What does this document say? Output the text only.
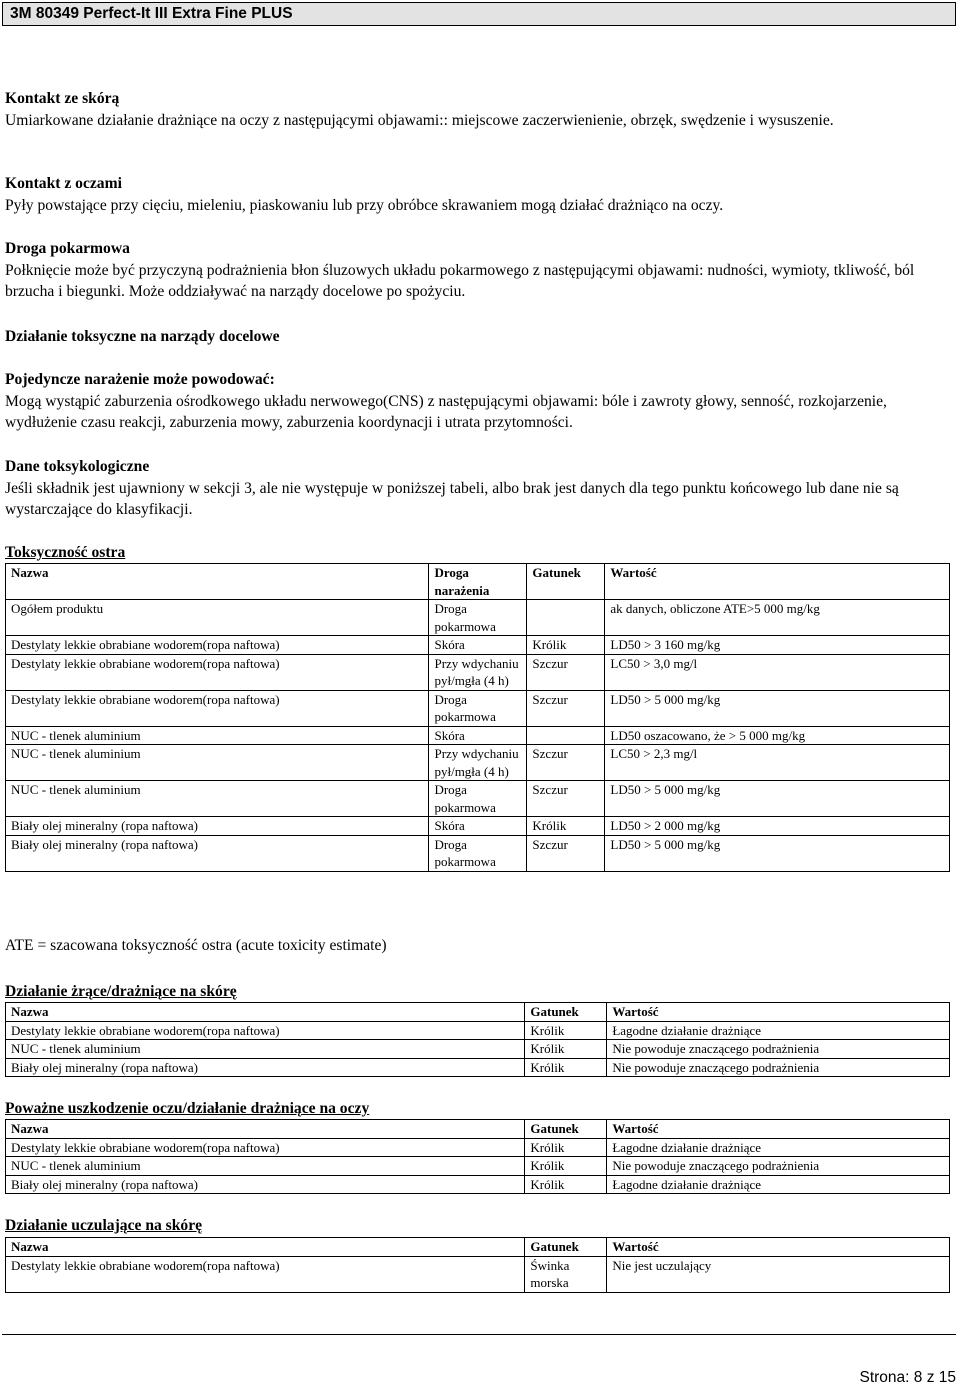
3M 80349 Perfect-It III Extra Fine PLUS

Kontakt ze skórą

Umiarkowane działanie drażniące na oczy z następującymi objawami:: miejscowe zaczerwienienie, obrzęk, swędzenie i wysuszenie.

Kontakt z oczami

Pyły powstające przy cięciu, mieleniu, piaskowaniu lub przy obróbce skrawaniem mogą działać drażniąco na oczy.

Droga pokarmowa

Połknięcie może być przyczyną podrażnienia błon śluzowych układu pokarmowego z następującymi objawami: nudności, wymioty, tkliwość, ból brzucha i biegunki. Może oddziaływać na narządy docelowe po spożyciu.

Działanie toksyczne na narządy docelowe

Pojedyncze narażenie może powodować:

Mogą wystąpić zaburzenia ośrodkowego układu nerwowego(CNS) z następującymi objawami: bóle i zawroty głowy, senność, rozkojarzenie, wydłużenie czasu reakcji, zaburzenia mowy, zaburzenia koordynacji i utrata przytomności.

Dane toksykologiczne

Jeśli składnik jest ujawniony w sekcji 3, ale nie występuje w poniższej tabeli, albo brak jest danych dla tego punktu końcowego lub dane nie są wystarczające do klasyfikacji.

Toksyczność ostra
Nazwa	Droga narażenia	Gatunek	Wartość
Ogółem produktu	Droga pokarmowa		ak danych, obliczone ATE>5 000 mg/kg
Destylaty lekkie obrabiane wodorem(ropa naftowa)	Skóra	Królik	LD50 > 3 160 mg/kg
Destylaty lekkie obrabiane wodorem(ropa naftowa)	Przy wdychaniu pył/mgła (4 h)	Szczur	LC50 > 3,0 mg/l
Destylaty lekkie obrabiane wodorem(ropa naftowa)	Droga pokarmowa	Szczur	LD50 > 5 000 mg/kg
NUC - tlenek aluminium	Skóra		LD50 oszacowano, że > 5 000 mg/kg
NUC - tlenek aluminium	Przy wdychaniu pył/mgła (4 h)	Szczur	LC50 > 2,3 mg/l
NUC - tlenek aluminium	Droga pokarmowa	Szczur	LD50 > 5 000 mg/kg
Biały olej mineralny (ropa naftowa)	Skóra	Królik	LD50 > 2 000 mg/kg
Biały olej mineralny (ropa naftowa)	Droga pokarmowa	Szczur	LD50 > 5 000 mg/kg
ATE = szacowana toksyczność ostra (acute toxicity estimate)
Działanie żrące/drażniące na skórę
Nazwa	Gatunek	Wartość
Destylaty lekkie obrabiane wodorem(ropa naftowa)	Królik	Łagodne działanie drażniące
NUC - tlenek aluminium	Królik	Nie powoduje znaczącego podrażnienia
Biały olej mineralny (ropa naftowa)	Królik	Nie powoduje znaczącego podrażnienia
Poważne uszkodzenie oczu/działanie drażniące na oczy
Nazwa	Gatunek	Wartość
Destylaty lekkie obrabiane wodorem(ropa naftowa)	Królik	Łagodne działanie drażniące
NUC - tlenek aluminium	Królik	Nie powoduje znaczącego podrażnienia
Biały olej mineralny (ropa naftowa)	Królik	Łagodne działanie drażniące
Działanie uczulające na skórę
Nazwa	Gatunek	Wartość
Destylaty lekkie obrabiane wodorem(ropa naftowa)	Świnka morska	Nie jest uczulający
Strona: 8 z 15
